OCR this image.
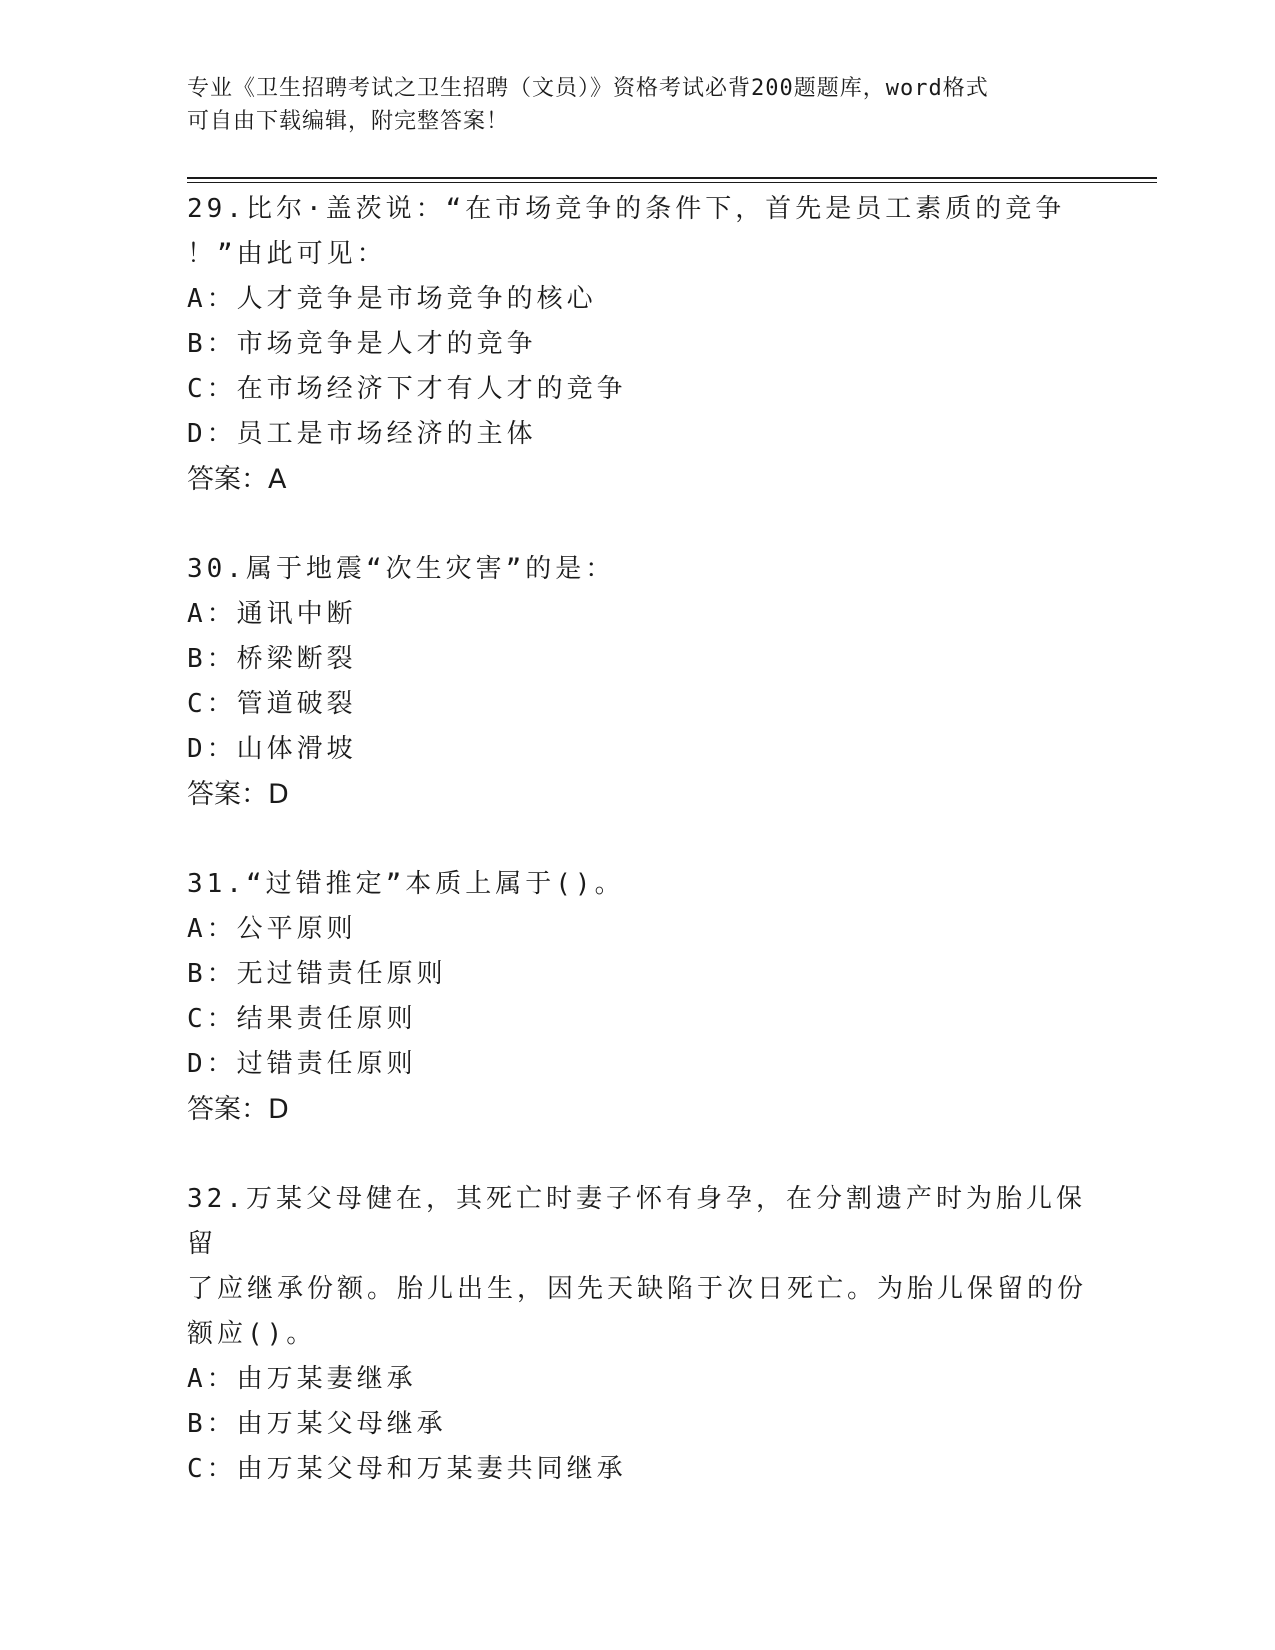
专业《卫生招聘考试之卫生招聘（文员）》资格考试必背200题题库，word格式
可自由下载编辑，附完整答案！
29.比尔·盖茨说：“在市场竞争的条件下，首先是员工素质的竞争
！”由此可见：
A：人才竞争是市场竞争的核心
B：市场竞争是人才的竞争
C：在市场经济下才有人才的竞争
D：员工是市场经济的主体
答案：A
30.属于地震“次生灾害”的是：
A：通讯中断
B：桥梁断裂
C：管道破裂
D：山体滑坡
答案：D
31.“过错推定”本质上属于()。
A：公平原则
B：无过错责任原则
C：结果责任原则
D：过错责任原则
答案：D
32.万某父母健在，其死亡时妻子怀有身孕，在分割遗产时为胎儿保留
了应继承份额。胎儿出生，因先天缺陷于次日死亡。为胎儿保留的份
额应()。
A：由万某妻继承
B：由万某父母继承
C：由万某父母和万某妻共同继承
